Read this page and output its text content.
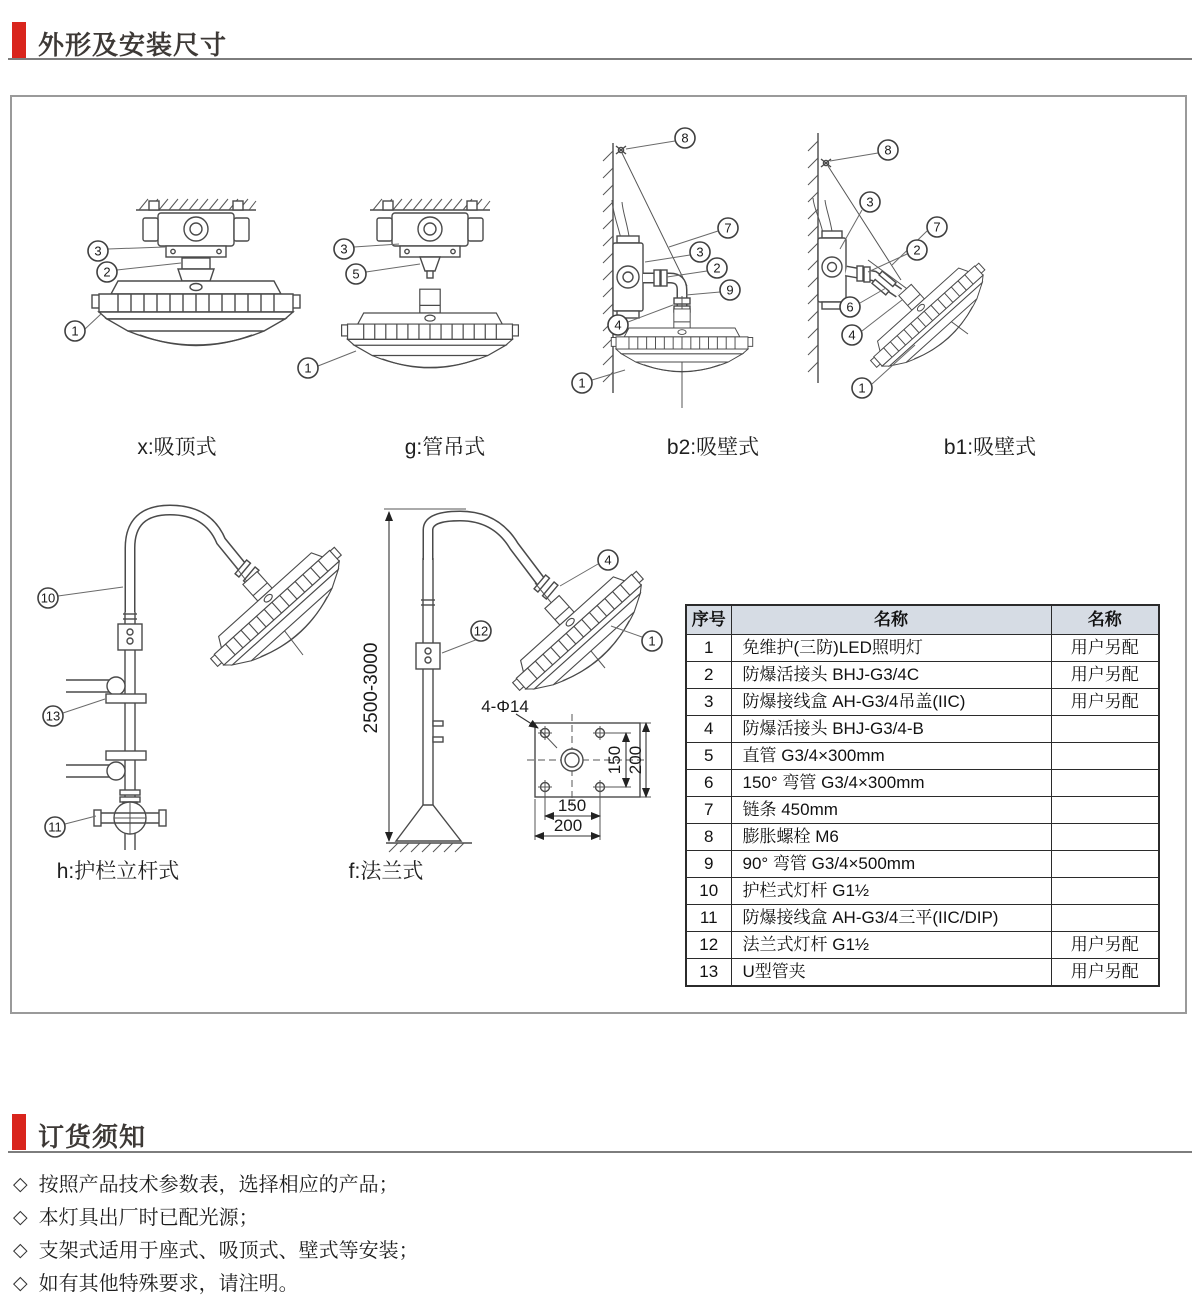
外形及安装尺寸
3
2
1
3
5
1
8
7
3
2
9
4
1
8
3
7
2
6
4
1
10
13
11
2500-3000	4-Φ14
150
200
150 200
4
12
1
x:吸顶式	g:管吊式	b2:吸壁式	b1:吸壁式
h:护栏立杆式	f:法兰式
序号	名称	名称
1	免维护(三防)LED照明灯	用户另配
2	防爆活接头 BHJ-G3/4C	用户另配
3	防爆接线盒 AH-G3/4吊盖(IIC)	用户另配
4	防爆活接头 BHJ-G3/4-B	
5	直管 G3/4×300mm	
6	150° 弯管 G3/4×300mm	
7	链条 450mm	
8	膨胀螺栓 M6	
9	90° 弯管 G3/4×500mm	
10	护栏式灯杆 G1½	
11	防爆接线盒 AH-G3/4三平(IIC/DIP)	
12	法兰式灯杆 G1½	用户另配
13	U型管夹	用户另配
订货须知
◇ 按照产品技术参数表，选择相应的产品；
◇ 本灯具出厂时已配光源；
◇ 支架式适用于座式、吸顶式、壁式等安装；
◇ 如有其他特殊要求，请注明。
